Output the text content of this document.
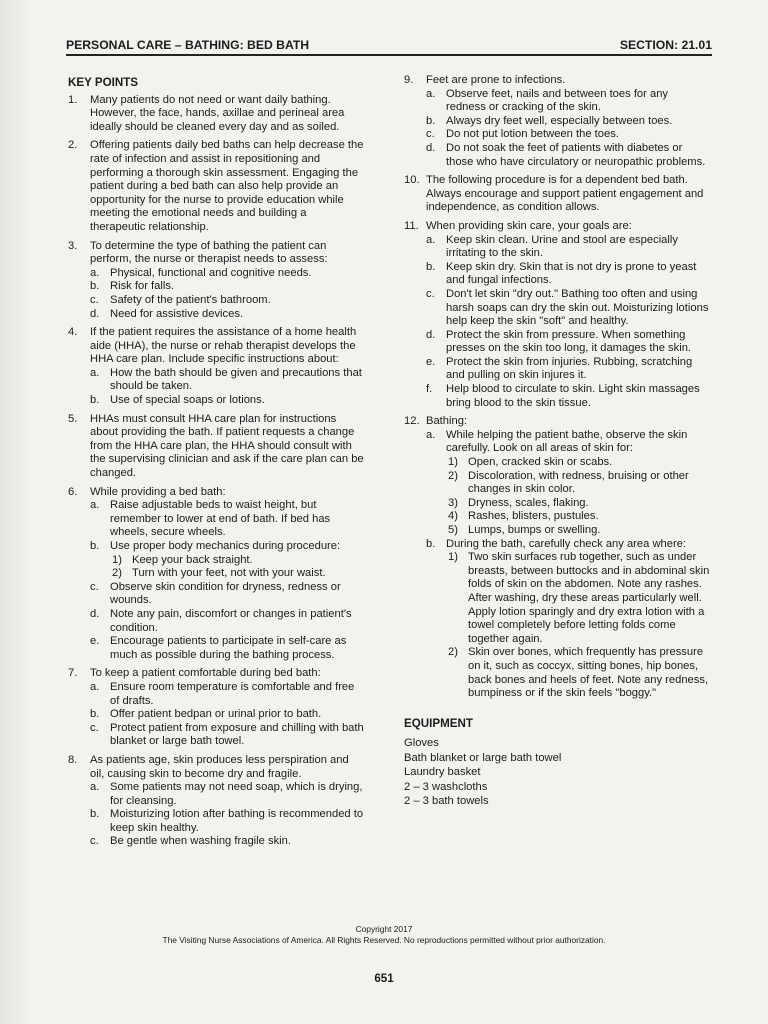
PERSONAL CARE – BATHING: BED BATH	SECTION: 21.01
KEY POINTS
1. Many patients do not need or want daily bathing. However, the face, hands, axillae and perineal area ideally should be cleaned every day and as soiled.
2. Offering patients daily bed baths can help decrease the rate of infection and assist in repositioning and performing a thorough skin assessment. Engaging the patient during a bed bath can also help provide an opportunity for the nurse to provide education while meeting the emotional needs and building a therapeutic relationship.
3. To determine the type of bathing the patient can perform, the nurse or therapist needs to assess:
a. Physical, functional and cognitive needs.
b. Risk for falls.
c. Safety of the patient's bathroom.
d. Need for assistive devices.
4. If the patient requires the assistance of a home health aide (HHA), the nurse or rehab therapist develops the HHA care plan. Include specific instructions about:
a. How the bath should be given and precautions that should be taken.
b. Use of special soaps or lotions.
5. HHAs must consult HHA care plan for instructions about providing the bath. If patient requests a change from the HHA care plan, the HHA should consult with the supervising clinician and ask if the care plan can be changed.
6. While providing a bed bath:
a. Raise adjustable beds to waist height, but remember to lower at end of bath. If bed has wheels, secure wheels.
b. Use proper body mechanics during procedure:
1) Keep your back straight.
2) Turn with your feet, not with your waist.
c. Observe skin condition for dryness, redness or wounds.
d. Note any pain, discomfort or changes in patient's condition.
e. Encourage patients to participate in self-care as much as possible during the bathing process.
7. To keep a patient comfortable during bed bath:
a. Ensure room temperature is comfortable and free of drafts.
b. Offer patient bedpan or urinal prior to bath.
c. Protect patient from exposure and chilling with bath blanket or large bath towel.
8. As patients age, skin produces less perspiration and oil, causing skin to become dry and fragile.
a. Some patients may not need soap, which is drying, for cleansing.
b. Moisturizing lotion after bathing is recommended to keep skin healthy.
c. Be gentle when washing fragile skin.
9. Feet are prone to infections.
a. Observe feet, nails and between toes for any redness or cracking of the skin.
b. Always dry feet well, especially between toes.
c. Do not put lotion between the toes.
d. Do not soak the feet of patients with diabetes or those who have circulatory or neuropathic problems.
10. The following procedure is for a dependent bed bath. Always encourage and support patient engagement and independence, as condition allows.
11. When providing skin care, your goals are:
a. Keep skin clean. Urine and stool are especially irritating to the skin.
b. Keep skin dry. Skin that is not dry is prone to yeast and fungal infections.
c. Don't let skin "dry out." Bathing too often and using harsh soaps can dry the skin out. Moisturizing lotions help keep the skin "soft" and healthy.
d. Protect the skin from pressure. When something presses on the skin too long, it damages the skin.
e. Protect the skin from injuries. Rubbing, scratching and pulling on skin injures it.
f. Help blood to circulate to skin. Light skin massages bring blood to the skin tissue.
12. Bathing:
a. While helping the patient bathe, observe the skin carefully. Look on all areas of skin for:
1) Open, cracked skin or scabs.
2) Discoloration, with redness, bruising or other changes in skin color.
3) Dryness, scales, flaking.
4) Rashes, blisters, pustules.
5) Lumps, bumps or swelling.
b. During the bath, carefully check any area where:
1) Two skin surfaces rub together, such as under breasts, between buttocks and in abdominal skin folds of skin on the abdomen. Note any rashes. After washing, dry these areas particularly well. Apply lotion sparingly and dry extra lotion with a towel completely before letting folds come together again.
2) Skin over bones, which frequently has pressure on it, such as coccyx, sitting bones, hip bones, back bones and heels of feet. Note any redness, bumpiness or if the skin feels "boggy."
EQUIPMENT
Gloves
Bath blanket or large bath towel
Laundry basket
2 – 3 washcloths
2 – 3 bath towels
Copyright 2017
The Visiting Nurse Associations of America. All Rights Reserved. No reproductions permitted without prior authorization.
651
